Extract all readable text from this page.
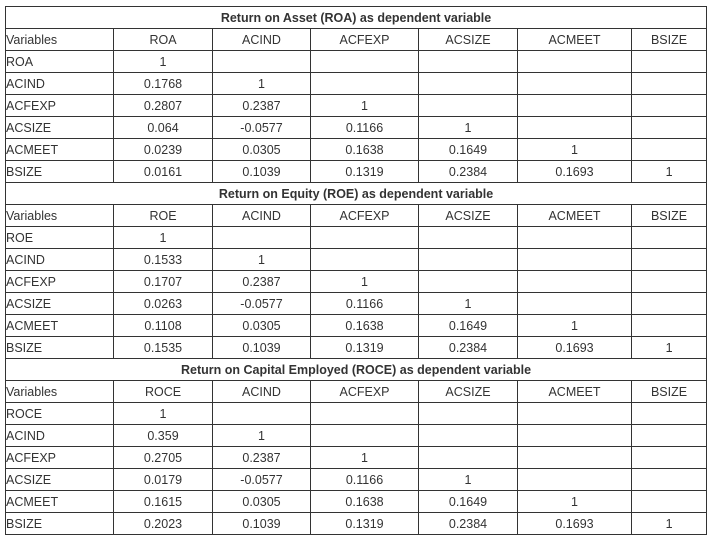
Return on Asset (ROA) as dependent variable						
Variables	ROA	ACIND	ACFEXP	ACSIZE	ACMEET	BSIZE
ROA	1					
ACIND	0.1768	1				
ACFEXP	0.2807	0.2387	1			
ACSIZE	0.064	-0.0577	0.1166	1		
ACMEET	0.0239	0.0305	0.1638	0.1649	1	
BSIZE	0.0161	0.1039	0.1319	0.2384	0.1693	1
Return on Equity (ROE) as dependent variable						
Variables	ROE	ACIND	ACFEXP	ACSIZE	ACMEET	BSIZE
ROE	1					
ACIND	0.1533	1				
ACFEXP	0.1707	0.2387	1			
ACSIZE	0.0263	-0.0577	0.1166	1		
ACMEET	0.1108	0.0305	0.1638	0.1649	1	
BSIZE	0.1535	0.1039	0.1319	0.2384	0.1693	1
Return on Capital Employed (ROCE) as dependent variable						
Variables	ROCE	ACIND	ACFEXP	ACSIZE	ACMEET	BSIZE
ROCE	1					
ACIND	0.359	1				
ACFEXP	0.2705	0.2387	1			
ACSIZE	0.0179	-0.0577	0.1166	1		
ACMEET	0.1615	0.0305	0.1638	0.1649	1	
BSIZE	0.2023	0.1039	0.1319	0.2384	0.1693	1
